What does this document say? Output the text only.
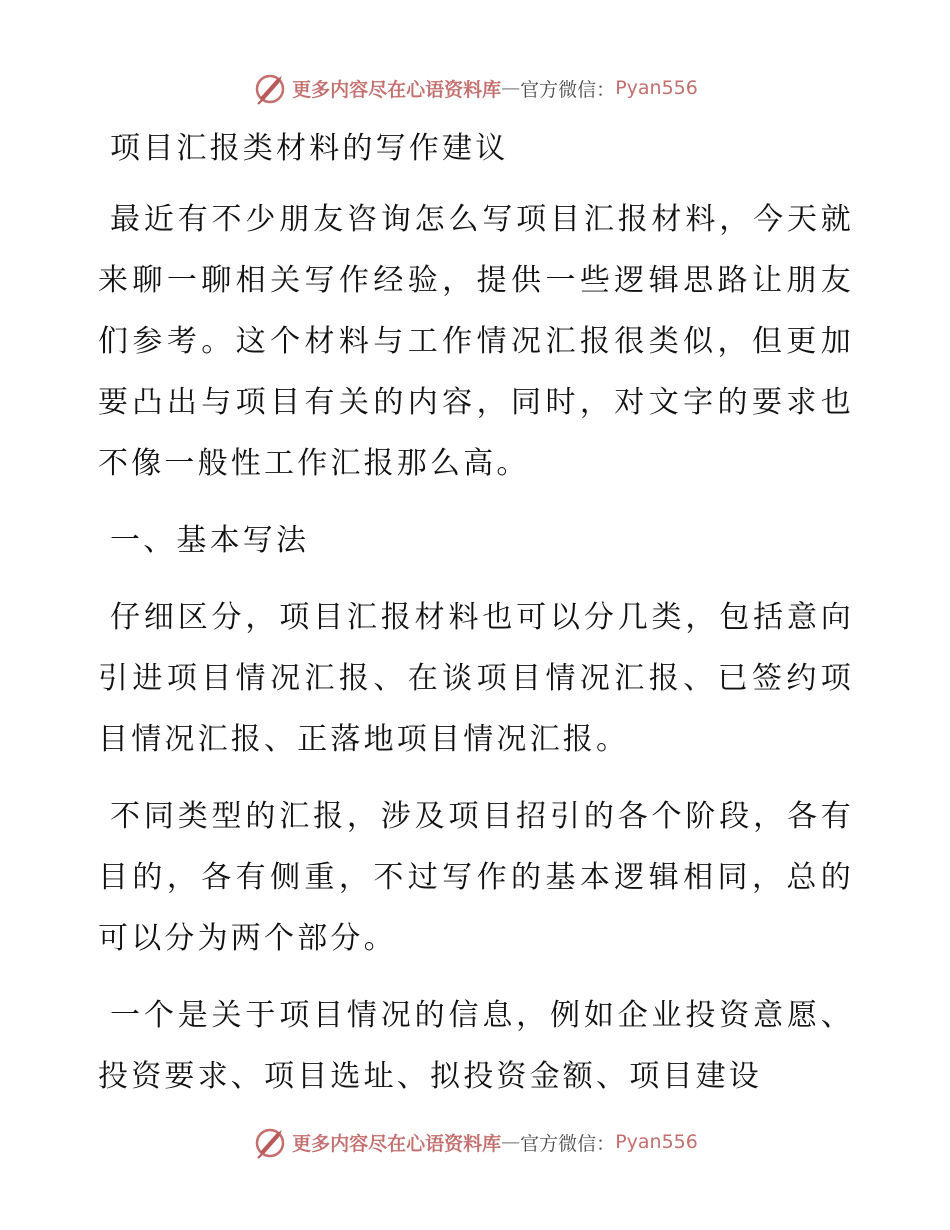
更多内容尽在心语资料库 — 官方微信： Pyan556

项目汇报类材料的写作建议

最近有不少朋友咨询怎么写项目汇报材料，今天就来聊一聊相关写作经验，提供一些逻辑思路让朋友们参考。这个材料与工作情况汇报很类似，但更加要凸出与项目有关的内容，同时，对文字的要求也不像一般性工作汇报那么高。

一、基本写法

仔细区分，项目汇报材料也可以分几类，包括意向引进项目情况汇报、在谈项目情况汇报、已签约项目情况汇报、正落地项目情况汇报。

不同类型的汇报，涉及项目招引的各个阶段，各有目的，各有侧重，不过写作的基本逻辑相同，总的可以分为两个部分。

一个是关于项目情况的信息，例如企业投资意愿、投资要求、项目选址、拟投资金额、项目建设

更多内容尽在心语资料库 — 官方微信： Pyan556
